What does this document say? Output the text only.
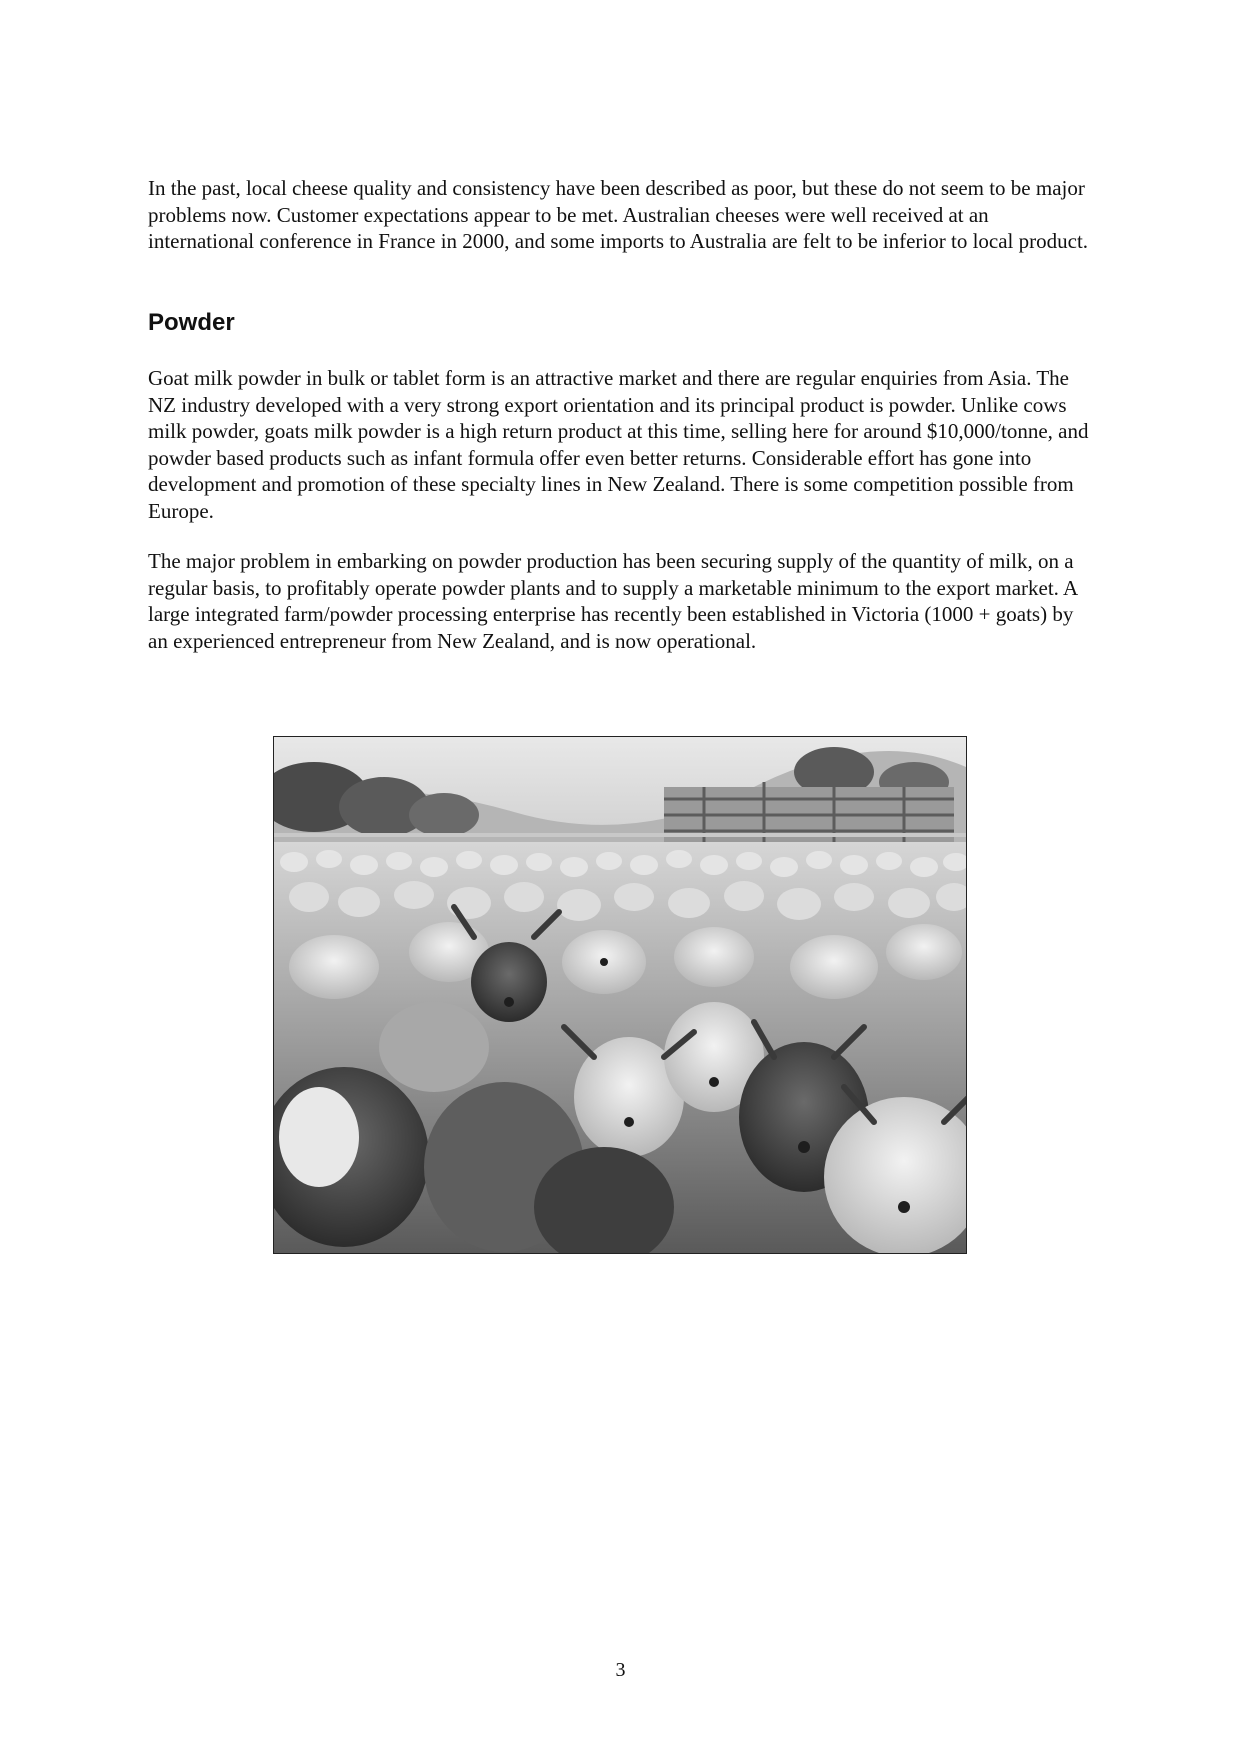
In the past, local cheese quality and consistency have been described as poor, but these do not seem to be major problems now. Customer expectations appear to be met. Australian cheeses were well received at an international conference in France in 2000, and some imports to Australia are felt to be inferior to local product.

Powder

Goat milk powder in bulk or tablet form is an attractive market and there are regular enquiries from Asia. The NZ industry developed with a very strong export orientation and its principal product is powder. Unlike cows milk powder, goats milk powder is a high return product at this time, selling here for around $10,000/tonne, and powder based products such as infant formula offer even better returns. Considerable effort has gone into development and promotion of these specialty lines in New Zealand. There is some competition possible from Europe.

The major problem in embarking on powder production has been securing supply of the quantity of milk, on a regular basis, to profitably operate powder plants and to supply a marketable minimum to the export market. A large integrated farm/powder processing enterprise has recently been established in Victoria (1000 + goats) by an experienced entrepreneur from New Zealand, and is now operational.

3
